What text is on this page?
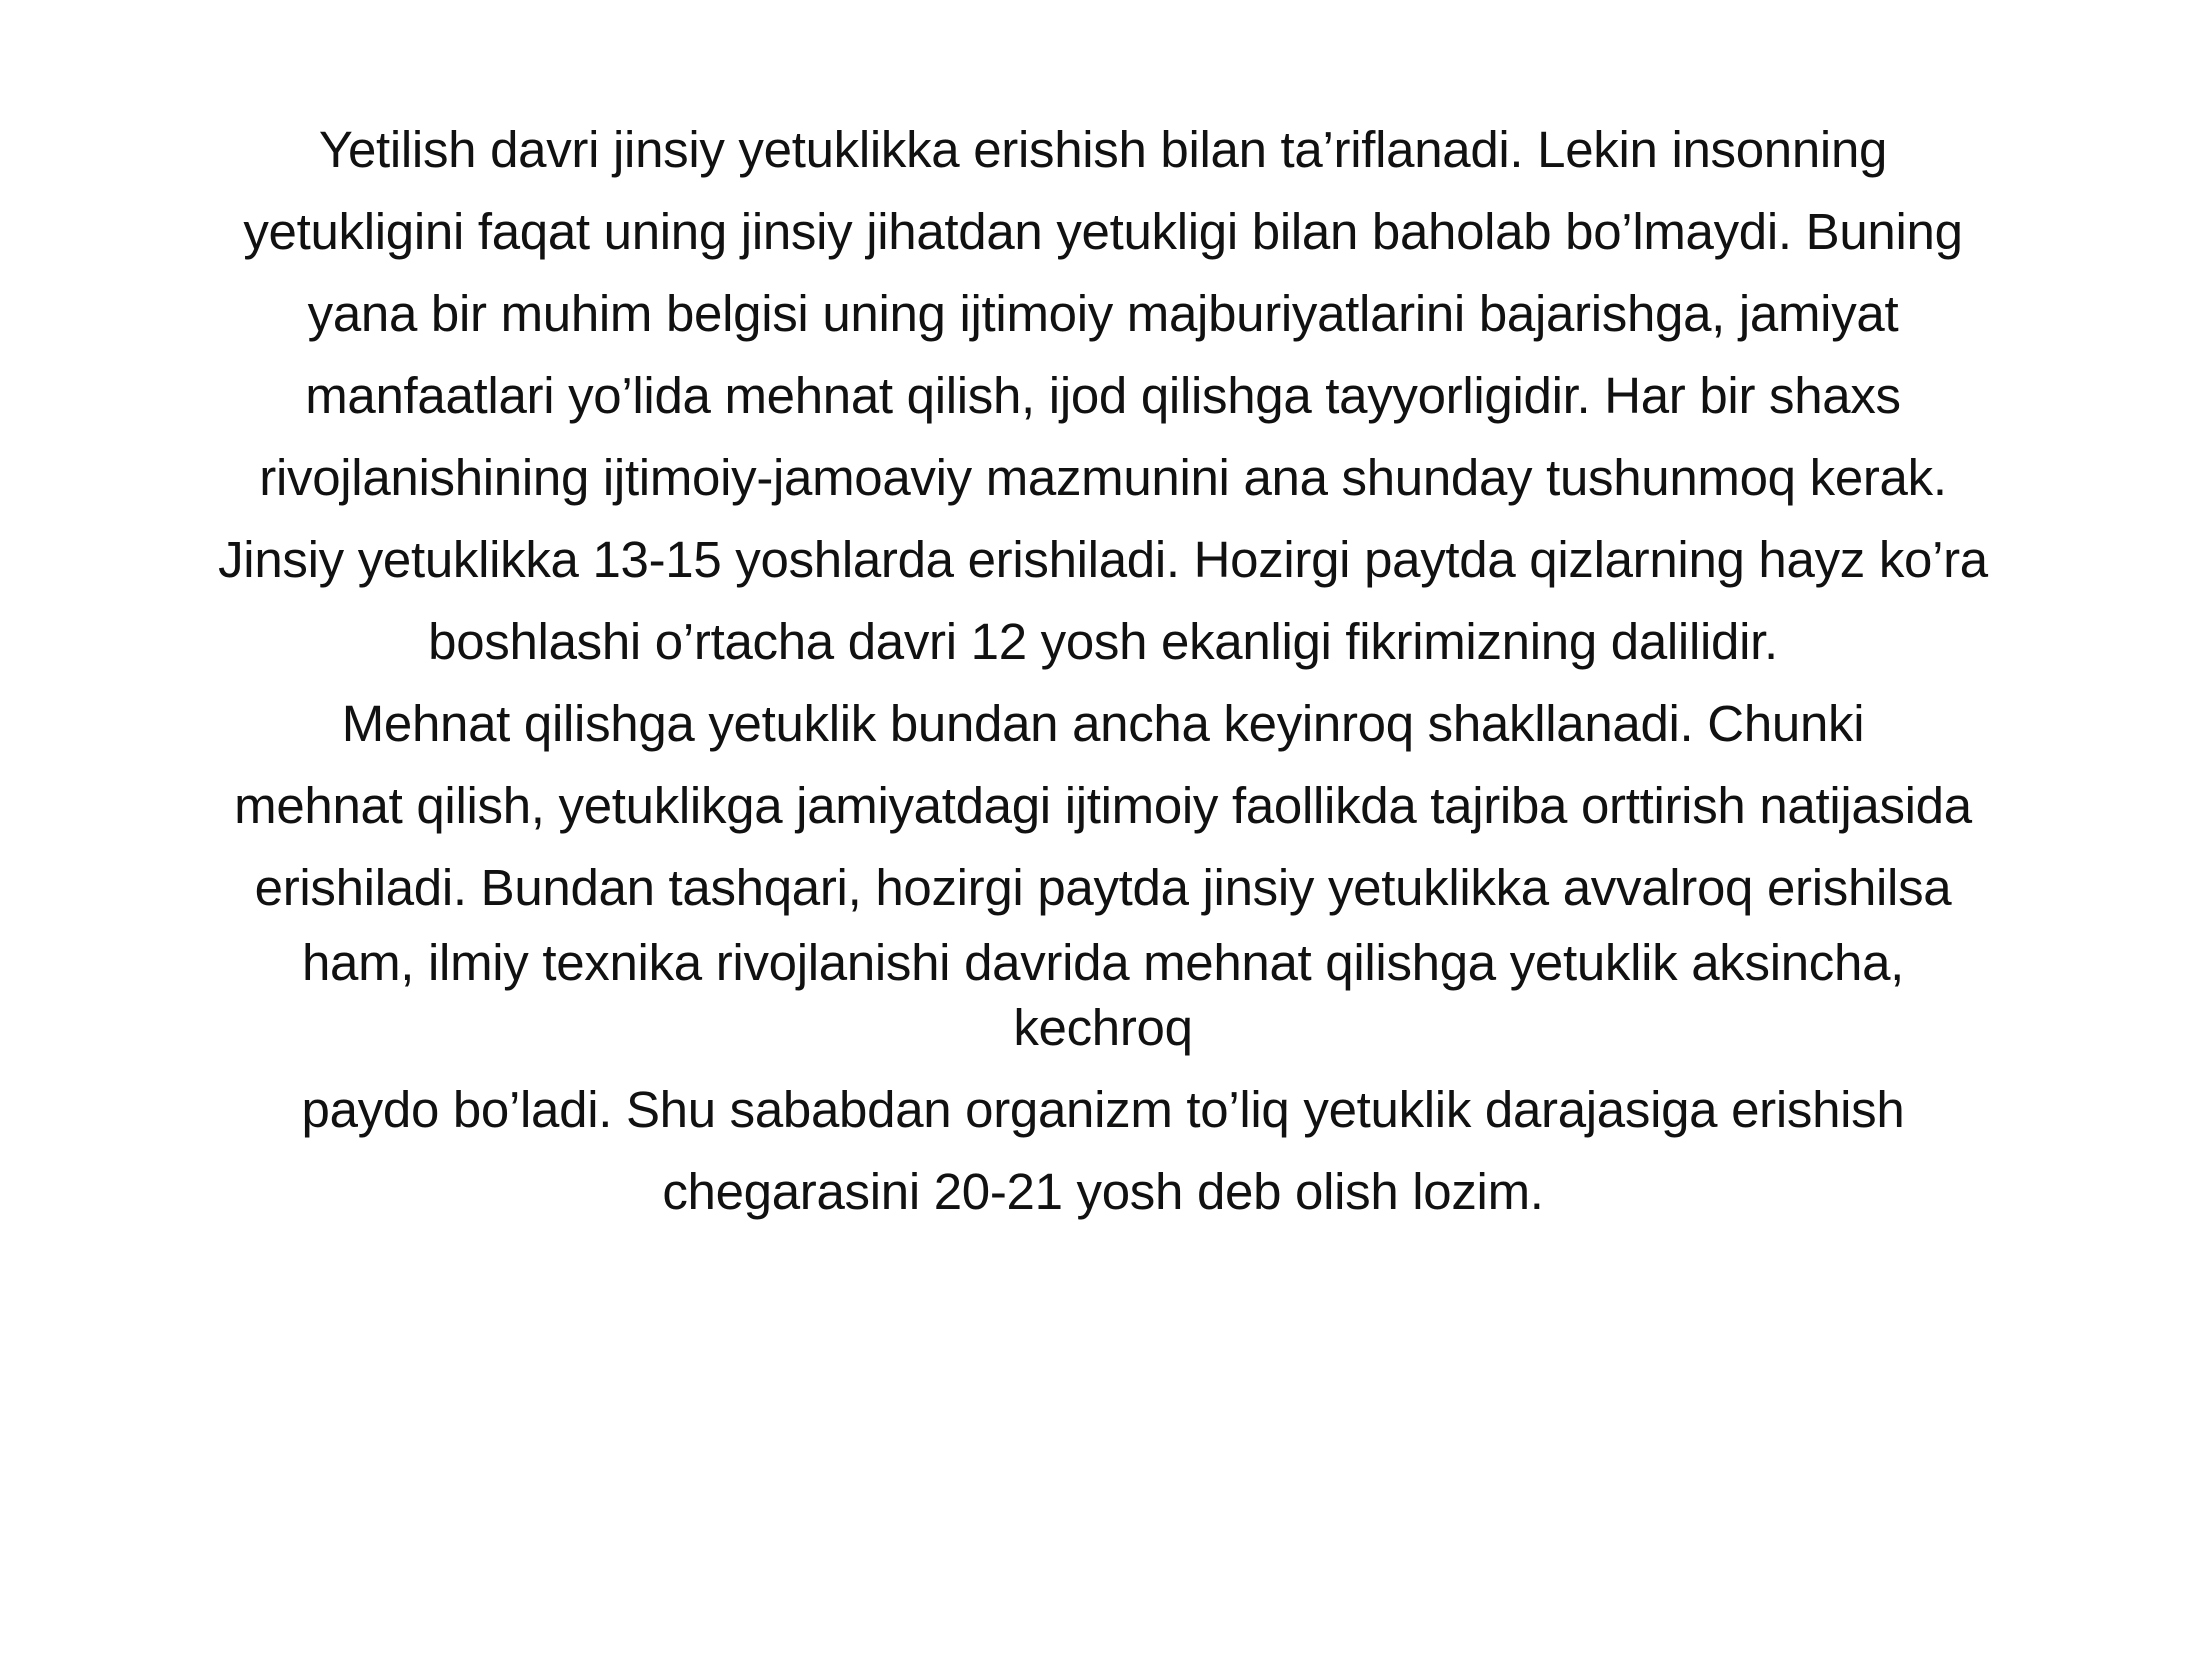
Yetilish davri jinsiy yetuklikka erishish bilan ta’riflanadi. Lekin insonning
yetukligini faqat uning jinsiy jihatdan yetukligi bilan baholab bo’lmaydi. Buning
yana bir muhim belgisi uning ijtimoiy majburiyatlarini bajarishga, jamiyat
manfaatlari yo’lida mehnat qilish, ijod qilishga tayyorligidir. Har bir shaxs
rivojlanishining ijtimoiy-jamoaviy mazmunini ana shunday tushunmoq kerak.
Jinsiy yetuklikka 13-15 yoshlarda erishiladi. Hozirgi paytda qizlarning hayz ko’ra
boshlashi o’rtacha davri 12 yosh ekanligi fikrimizning dalilidir.
Mehnat qilishga yetuklik bundan ancha keyinroq shakllanadi. Chunki
mehnat qilish, yetuklikga jamiyatdagi ijtimoiy faollikda tajriba orttirish natijasida
erishiladi. Bundan tashqari, hozirgi paytda jinsiy yetuklikka avvalroq erishilsa
ham, ilmiy texnika rivojlanishi davrida mehnat qilishga yetuklik aksincha,
kechroq
paydo bo’ladi. Shu sababdan organizm to’liq yetuklik darajasiga erishish
chegarasini 20-21 yosh deb olish lozim.
